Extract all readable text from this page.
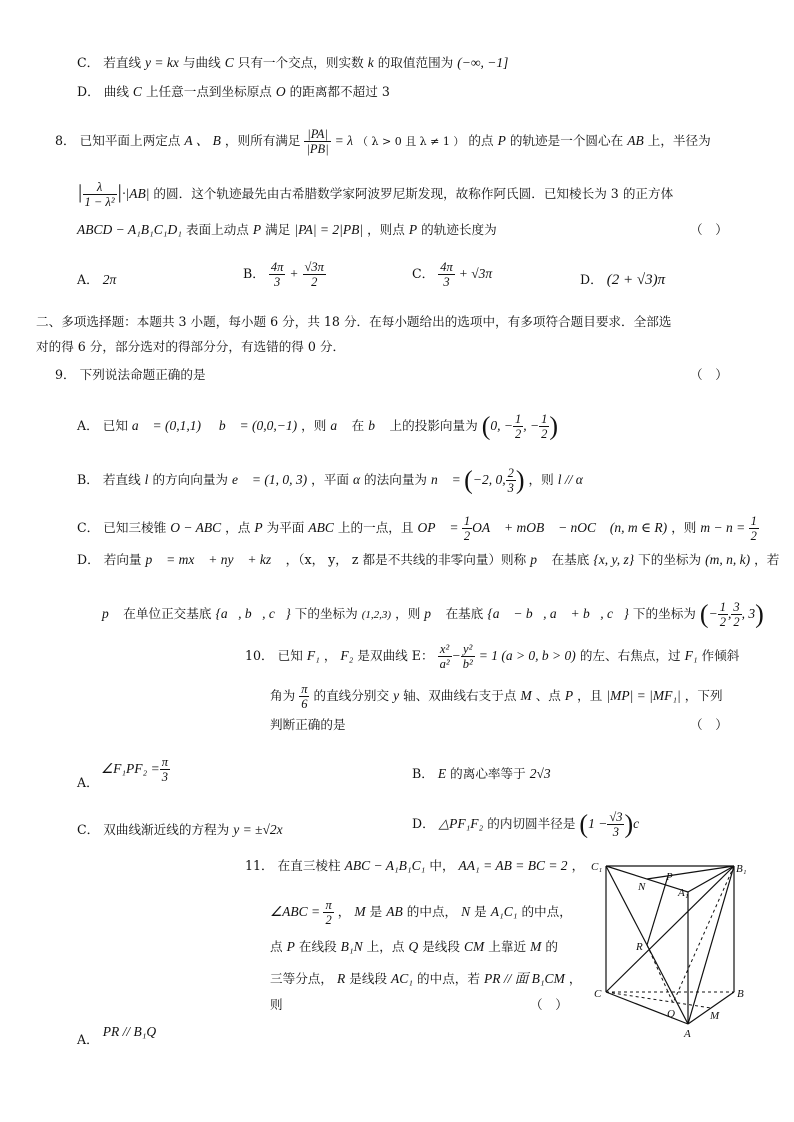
C． 若直线 y = kx 与曲线 C 只有一个交点，则实数 k 的取值范围为 (−∞, −1]
D． 曲线 C 上任意一点到坐标原点 O 的距离都不超过 3
8． 已知平面上两定点 A 、 B ，则所有满足 $\frac{|PA|}{|PB|} = \lambda$ （ λ > 0 且 λ ≠ 1 ） 的点 P 的轨迹是一个圆心在 AB 上，半径为
| $\frac{\lambda}{\text{1 − λ²}} |\cdot|AB|$ 的圆．这个轨迹最先由古希腊数学家阿波罗尼斯发现，故称作阿氏圆．已知棱长为 3 的正方体
ABCD − A₁B₁C₁D₁ 表面上动点 P 满足 |PA| = 2|PB| ，则点 P 的轨迹长度为	（　）
A． 2π	B． $\frac{4\pi}{3} + \frac{√3\pi}{2}$	C． $\frac{4\pi}{3} + √3\pi$	D． (2 + √3)π
二、多项选择题：本题共 3 小题，每小题 6 分，共 18 分．在每小题给出的选项中，有多项符合题目要求．全部选
对的得 6 分，部分选对的得部分分，有选错的得 0 分．
9． 下列说法命题正确的是	（　）
A． 已知 a⃗ = (0,1,1) ， b⃗ = (0,0,−1) ，则 a⃗ 在 b⃗ 上的投影向量为 (0, − $\frac{1}{2}$ , − $\frac{1}{2}$ )
B． 若直线 l 的方向向量为 e⃗ = (1, 0, 3) ，平面 α 的法向量为 n⃗ = (−2, 0, $\frac{2}{3}$ ) ，则 l // α
C． 已知三棱锥 O − ABC ，点 P 为平面 ABC 上的一点，且 OP⃗ = $\frac{1}{2}$ OA⃗ + mOB⃗ − nOC⃗ (n, m ∈ R) ，则 $m - n = \frac{1}{2}$
D． 若向量 p⃗ = mx⃗ + ny⃗ + kz⃗ ，（x， y， z 都是不共线的非零向量）则称 p⃗ 在基底 {x, y, z} 下的坐标为 (m, n, k) ，若
p⃗ 在单位正交基底 {a⃗, b⃗, c⃗} 下的坐标为 (1,2,3) ，则 p⃗ 在基底 {a⃗ − b⃗, a⃗ + b⃗, c⃗} 下的坐标为 (− $\frac{1}{2}$ , $\frac{3}{2}$ , 3)
10． 已知 F₁ ， F₂ 是双曲线 E： $\frac{\text{x²}}{\text{a²}} - \frac{\text{y²}}{\text{b²}} = 1$ (a > 0, b > 0) 的左、右焦点，过 F₁ 作倾斜
角为 $\frac{\pi}{6}$ 的直线分别交 y 轴、双曲线右支于点 M 、点 P ，且 |MP| = |MF₁| ，下列
判断正确的是	（　）
∠F₁PF₂ = $\frac{\pi}{3}$
A．
B． E 的离心率等于 2√3
C． 双曲线渐近线的方程为 y = ±√2x	D． △PF₁F₂ 的内切圆半径是 $(1 - \frac{√3}{3} )c$
11． 在直三棱柱 ABC − A₁B₁C₁ 中， AA₁ = AB = BC = 2 ，
∠ABC = $\frac{\pi}{2}$ ， M 是 AB 的中点， N 是 A₁C₁ 的中点，
点 P 在线段 B₁N 上，点 Q 是线段 CM 上靠近 M 的
三等分点， R 是线段 AC₁ 的中点，若 PR // 面 B₁CM ，
则	（　）
A． PR // B₁Q
C₁	B₁
A₁
P
N
R
C	B
A
Q	M
